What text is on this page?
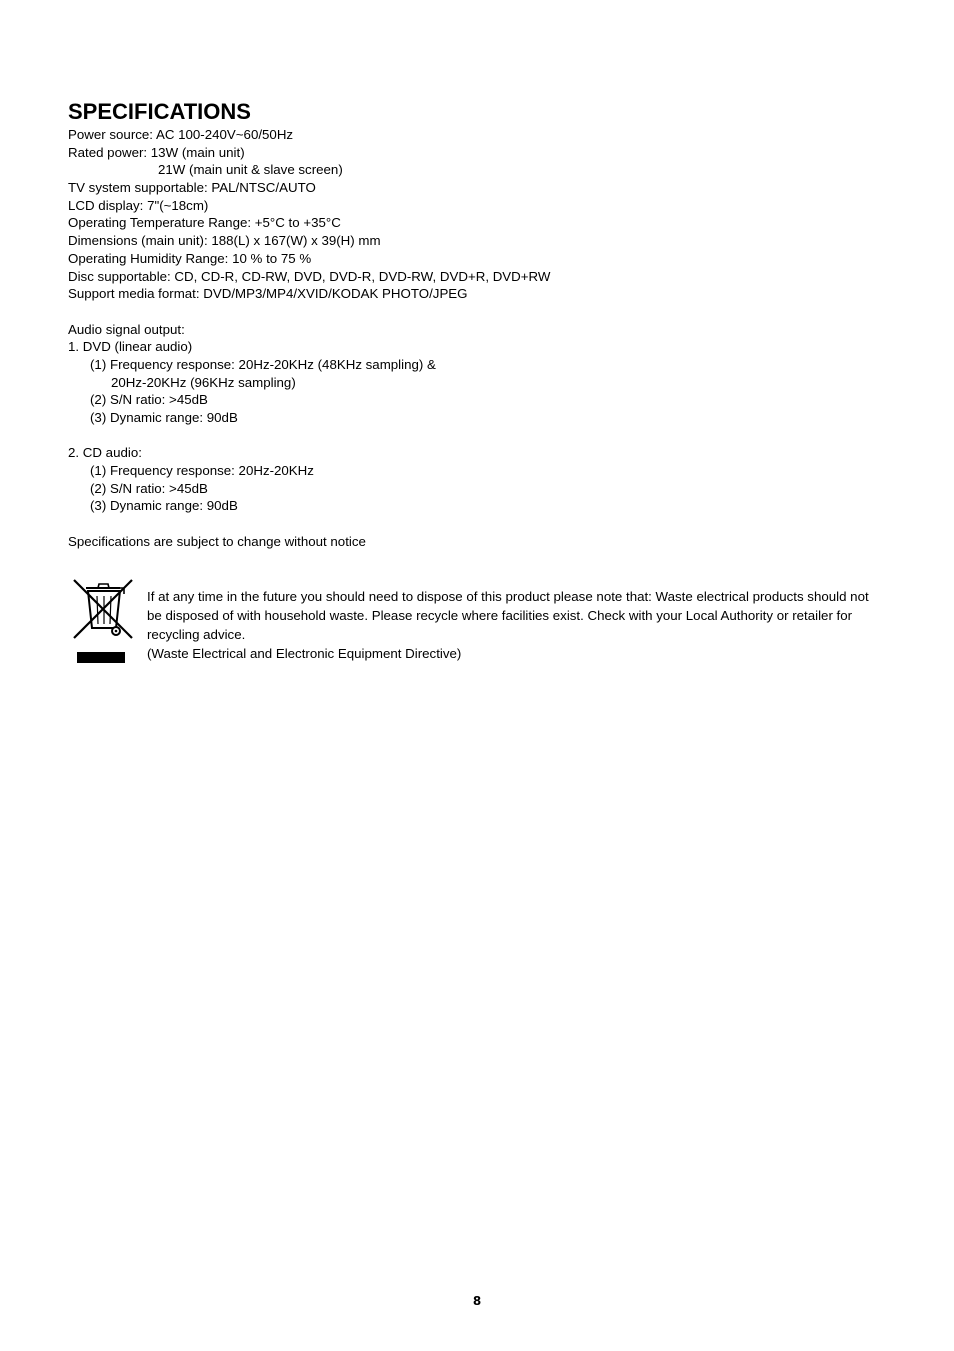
SPECIFICATIONS
Power source: AC 100-240V~60/50Hz
Rated power: 13W (main unit)
21W (main unit & slave screen)
TV system supportable: PAL/NTSC/AUTO
LCD display: 7"(~18cm)
Operating Temperature Range: +5°C to +35°C
Dimensions (main unit): 188(L) x 167(W) x 39(H) mm
Operating Humidity Range: 10 % to 75 %
Disc supportable: CD, CD-R, CD-RW, DVD, DVD-R, DVD-RW, DVD+R, DVD+RW
Support media format: DVD/MP3/MP4/XVID/KODAK PHOTO/JPEG
Audio signal output:
1. DVD (linear audio)
(1) Frequency response: 20Hz-20KHz (48KHz sampling) &
20Hz-20KHz (96KHz sampling)
(2) S/N ratio: >45dB
(3) Dynamic range: 90dB
2. CD audio:
(1) Frequency response: 20Hz-20KHz
(2) S/N ratio: >45dB
(3) Dynamic range: 90dB
Specifications are subject to change without notice

If at any time in the future you should need to dispose of this product please note that: Waste electrical products should not be disposed of with household waste. Please recycle where facilities exist. Check with your Local Authority or retailer for recycling advice.

(Waste Electrical and Electronic Equipment Directive)

8
